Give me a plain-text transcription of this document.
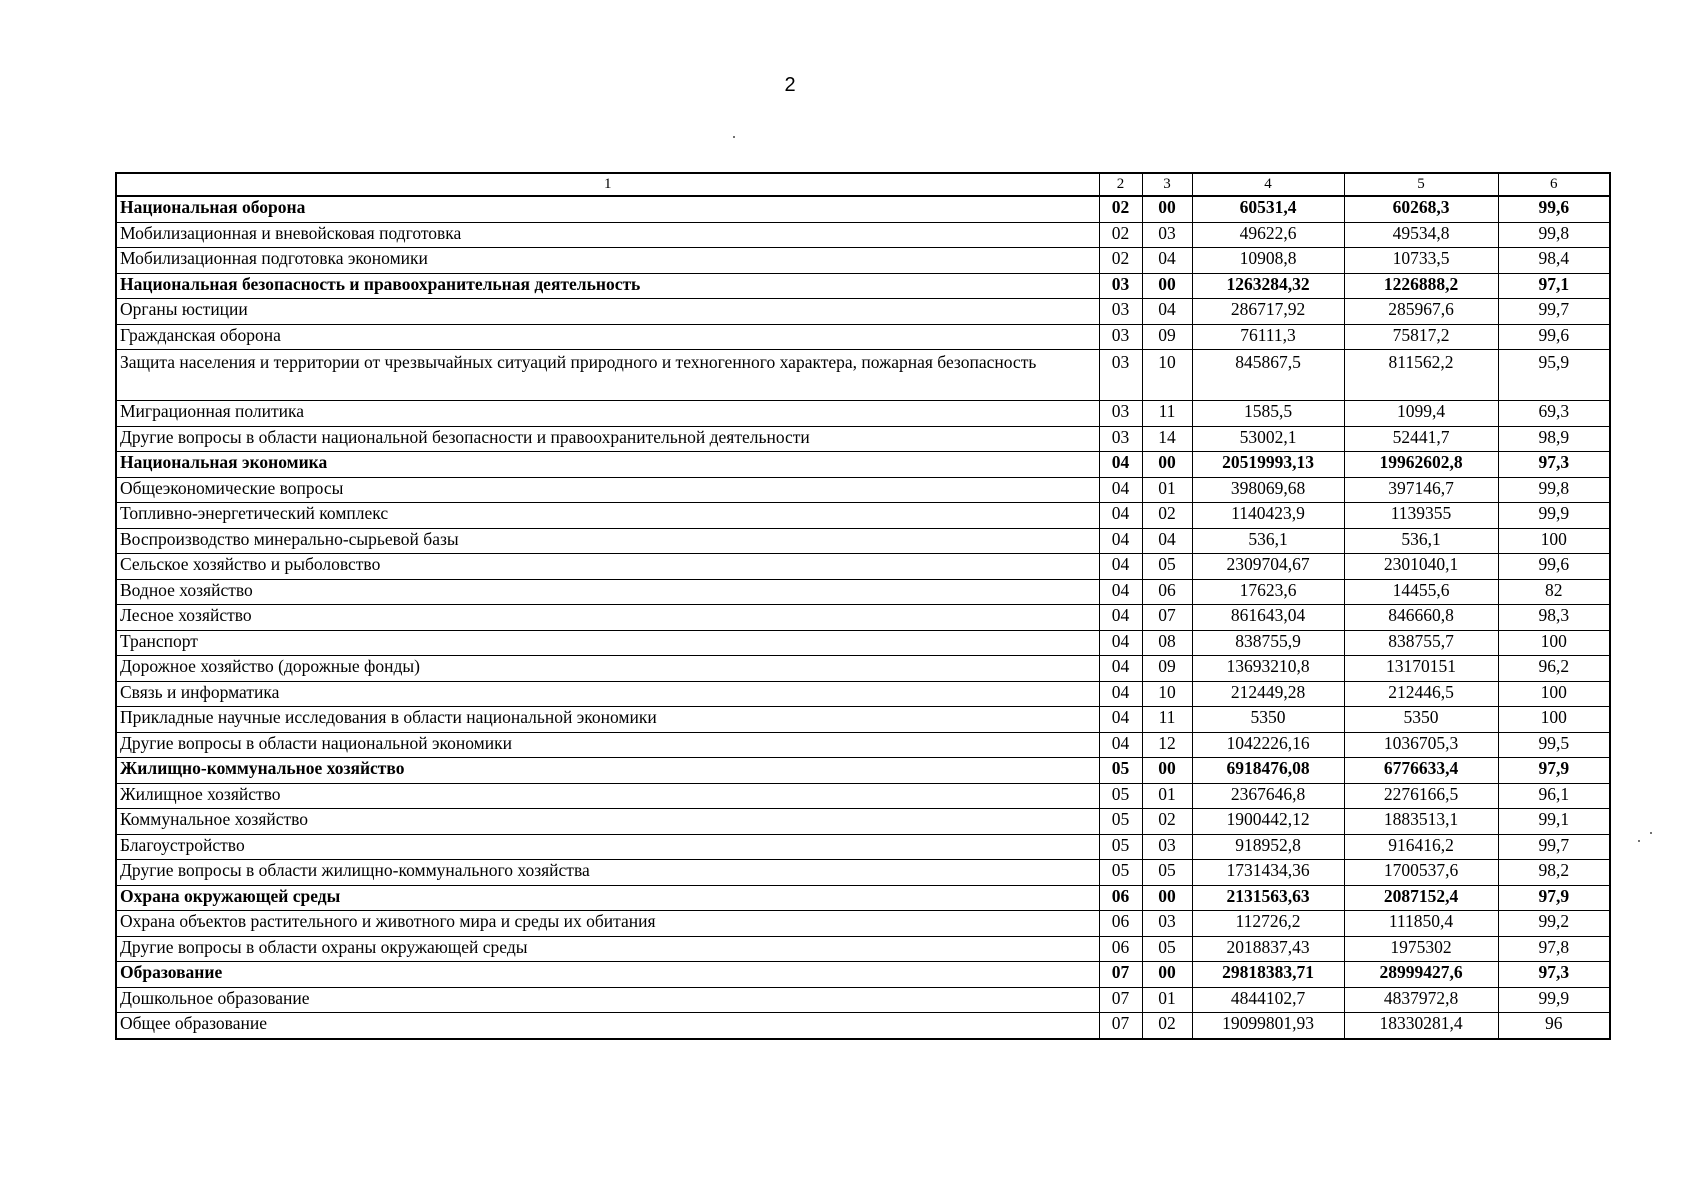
2
1	2	3	4	5	6
Национальная оборона	02	00	60531,4	60268,3	99,6
Мобилизационная и вневойсковая подготовка	02	03	49622,6	49534,8	99,8
Мобилизационная подготовка экономики	02	04	10908,8	10733,5	98,4
Национальная безопасность и правоохранительная деятельность	03	00	1263284,32	1226888,2	97,1
Органы юстиции	03	04	286717,92	285967,6	99,7
Гражданская оборона	03	09	76111,3	75817,2	99,6
Защита населения и территории от чрезвычайных ситуаций природного и техногенного характера, пожарная безопасность	03	10	845867,5	811562,2	95,9
Миграционная политика	03	11	1585,5	1099,4	69,3
Другие вопросы в области национальной безопасности и правоохранительной деятельности	03	14	53002,1	52441,7	98,9
Национальная экономика	04	00	20519993,13	19962602,8	97,3
Общеэкономические вопросы	04	01	398069,68	397146,7	99,8
Топливно-энергетический комплекс	04	02	1140423,9	1139355	99,9
Воспроизводство минерально-сырьевой базы	04	04	536,1	536,1	100
Сельское хозяйство и рыболовство	04	05	2309704,67	2301040,1	99,6
Водное хозяйство	04	06	17623,6	14455,6	82
Лесное хозяйство	04	07	861643,04	846660,8	98,3
Транспорт	04	08	838755,9	838755,7	100
Дорожное хозяйство (дорожные фонды)	04	09	13693210,8	13170151	96,2
Связь и информатика	04	10	212449,28	212446,5	100
Прикладные научные исследования в области национальной экономики	04	11	5350	5350	100
Другие вопросы в области национальной экономики	04	12	1042226,16	1036705,3	99,5
Жилищно-коммунальное хозяйство	05	00	6918476,08	6776633,4	97,9
Жилищное хозяйство	05	01	2367646,8	2276166,5	96,1
Коммунальное хозяйство	05	02	1900442,12	1883513,1	99,1
Благоустройство	05	03	918952,8	916416,2	99,7
Другие вопросы в области жилищно-коммунального хозяйства	05	05	1731434,36	1700537,6	98,2
Охрана окружающей среды	06	00	2131563,63	2087152,4	97,9
Охрана объектов растительного и животного мира и среды их обитания	06	03	112726,2	111850,4	99,2
Другие вопросы в области охраны окружающей среды	06	05	2018837,43	1975302	97,8
Образование	07	00	29818383,71	28999427,6	97,3
Дошкольное образование	07	01	4844102,7	4837972,8	99,9
Общее образование	07	02	19099801,93	18330281,4	96
